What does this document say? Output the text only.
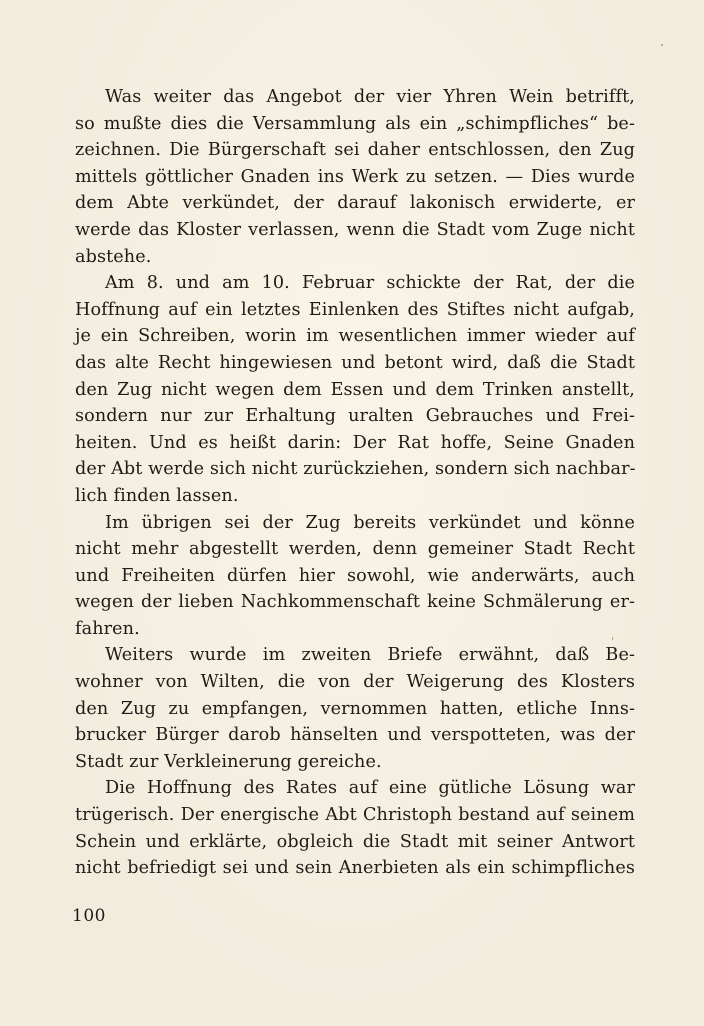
Was weiter das Angebot der vier Yhren Wein betrifft,
so mußte dies die Versammlung als ein „schimpfliches“ be-
zeichnen. Die Bürgerschaft sei daher entschlossen, den Zug
mittels göttlicher Gnaden ins Werk zu setzen. — Dies wurde
dem Abte verkündet, der darauf lakonisch erwiderte, er
werde das Kloster verlassen, wenn die Stadt vom Zuge nicht
abstehe.
Am 8. und am 10. Februar schickte der Rat, der die
Hoffnung auf ein letztes Einlenken des Stiftes nicht aufgab,
je ein Schreiben, worin im wesentlichen immer wieder auf
das alte Recht hingewiesen und betont wird, daß die Stadt
den Zug nicht wegen dem Essen und dem Trinken anstellt,
sondern nur zur Erhaltung uralten Gebrauches und Frei-
heiten. Und es heißt darin: Der Rat hoffe, Seine Gnaden
der Abt werde sich nicht zurückziehen, sondern sich nachbar-
lich finden lassen.
Im übrigen sei der Zug bereits verkündet und könne
nicht mehr abgestellt werden, denn gemeiner Stadt Recht
und Freiheiten dürfen hier sowohl, wie anderwärts, auch
wegen der lieben Nachkommenschaft keine Schmälerung er-
fahren.
Weiters wurde im zweiten Briefe erwähnt, daß Be-
wohner von Wilten, die von der Weigerung des Klosters
den Zug zu empfangen, vernommen hatten, etliche Inns-
brucker Bürger darob hänselten und verspotteten, was der
Stadt zur Verkleinerung gereiche.
Die Hoffnung des Rates auf eine gütliche Lösung war
trügerisch. Der energische Abt Christoph bestand auf seinem
Schein und erklärte, obgleich die Stadt mit seiner Antwort
nicht befriedigt sei und sein Anerbieten als ein schimpfliches
100
